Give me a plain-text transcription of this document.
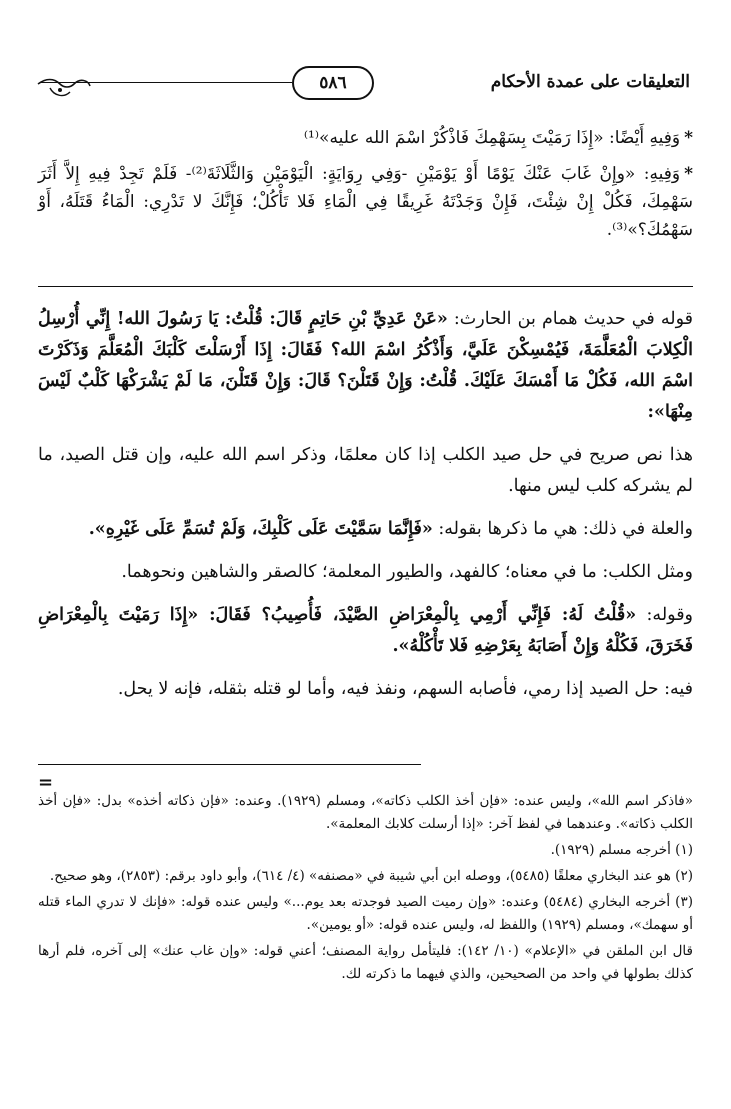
٥٨٦	التعليقات على عمدة الأحكام

*وَفِيهِ أَيْضًا: «إِذَا رَمَيْتَ بِسَهْمِكَ فَاذْكُرْ اسْمَ الله عليه»⁽¹⁾

*وَفِيهِ: «وإِنْ غَابَ عَنْكَ يَوْمًا أَوْ يَوْمَيْنِ -وَفِي رِوَايَةٍ: الْيَوْمَيْنِ وَالثَّلَاثَةَ⁽²⁾- فَلَمْ تَجِدْ فِيهِ إِلاَّ أَثَرَ سَهْمِكَ، فَكُلْ إِنْ شِئْتَ، فَإِنْ وَجَدْتَهُ غَرِيقًا فِي الْمَاءِ فَلا تَأْكُلْ؛ فَإِنَّكَ لا تَدْرِي: الْمَاءُ قَتَلَهُ، أَوْ سَهْمُكَ؟»⁽³⁾.

قوله في حديث همام بن الحارث: «عَنْ عَدِيِّ بْنِ حَاتِمٍ قَالَ: قُلْتُ: يَا رَسُولَ الله! إِنِّي أُرْسِلُ الْكِلابَ الْمُعَلَّمَةَ، فَيُمْسِكْنَ عَلَيَّ، وَأَذْكُرُ اسْمَ الله؟ فَقَالَ: إِذَا أَرْسَلْتَ كَلْبَكَ الْمُعَلَّمَ وَذَكَرْتَ اسْمَ الله، فَكُلْ مَا أَمْسَكَ عَلَيْكَ. قُلْتُ: وَإِنْ قَتَلْنَ؟ قَالَ: وَإِنْ قَتَلْنَ، مَا لَمْ يَشْرَكْهَا كَلْبٌ لَيْسَ مِنْهَا»:

هذا نص صريح في حل صيد الكلب إذا كان معلمًا، وذكر اسم الله عليه، وإن قتل الصيد، ما لم يشركه كلب ليس منها.

والعلة في ذلك: هي ما ذكرها بقوله: «فَإِنَّمَا سَمَّيْتَ عَلَى كَلْبِكَ، وَلَمْ تُسَمِّ عَلَى غَيْرِهِ».

ومثل الكلب: ما في معناه؛ كالفهد، والطيور المعلمة؛ كالصقر والشاهين ونحوهما.

وقوله: «قُلْتُ لَهُ: فَإِنِّي أَرْمِي بِالْمِعْرَاضِ الصَّيْدَ، فَأُصِيبُ؟ فَقَالَ: «إِذَا رَمَيْتَ بِالْمِعْرَاضِ فَخَرَقَ، فَكُلْهُ وَإِنْ أَصَابَهُ بِعَرْضِهِ فَلا تَأْكُلْهُ».

فيه: حل الصيد إذا رمي، فأصابه السهم، ونفذ فيه، وأما لو قتله بثقله، فإنه لا يحل.

=

«فاذكر اسم الله»، وليس عنده: «فإن أخذ الكلب ذكاته»، ومسلم (١٩٢٩). وعنده: «فإن ذكاته أخذه» بدل: «فإن أخذ الكلب ذكاته». وعندهما في لفظ آخر: «إذا أرسلت كلابك المعلمة».

(١) أخرجه مسلم (١٩٢٩).

(٢) هو عند البخاري معلقًا (٥٤٨٥)، ووصله ابن أبي شيبة في «مصنفه» (٤/ ٦١٤)، وأبو داود برقم: (٢٨٥٣)، وهو صحيح.

(٣) أخرجه البخاري (٥٤٨٤) وعنده: «وإن رميت الصيد فوجدته بعد يوم...» وليس عنده قوله: «فإنك لا تدري الماء قتله أو سهمك»، ومسلم (١٩٢٩) واللفظ له، وليس عنده قوله: «أو يومين».

قال ابن الملقن في «الإعلام» (١٠/ ١٤٢): فليتأمل رواية المصنف؛ أعني قوله: «وإن غاب عنك» إلى آخره، فلم أرها كذلك بطولها في واحد من الصحيحين، والذي فيهما ما ذكرته لك.
